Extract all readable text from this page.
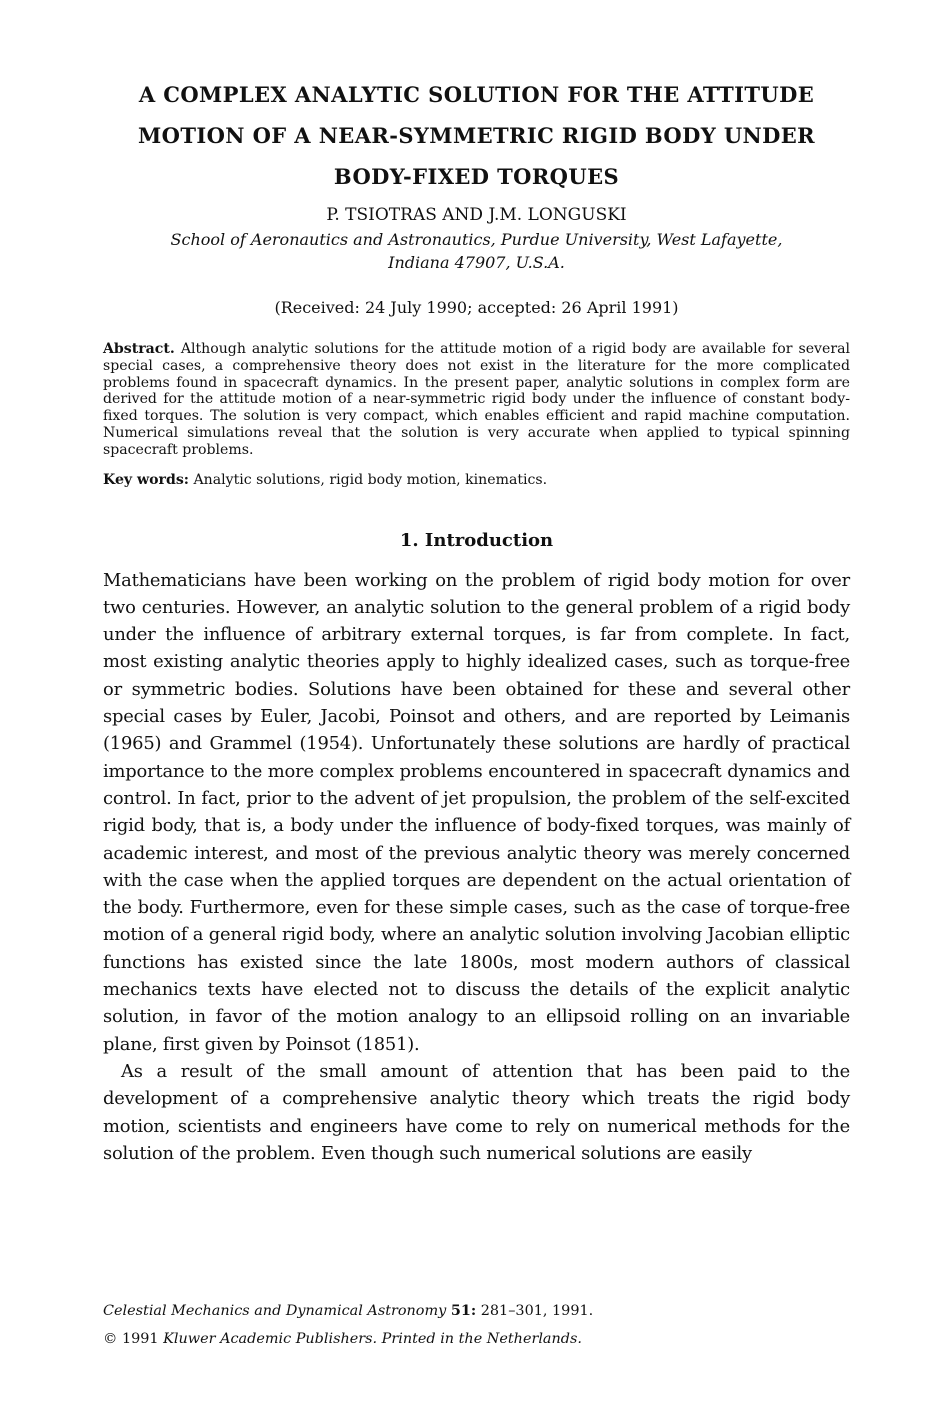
A COMPLEX ANALYTIC SOLUTION FOR THE ATTITUDE
MOTION OF A NEAR-SYMMETRIC RIGID BODY UNDER
BODY-FIXED TORQUES
P. TSIOTRAS AND J.M. LONGUSKI
School of Aeronautics and Astronautics, Purdue University, West Lafayette,
Indiana 47907, U.S.A.
(Received: 24 July 1990; accepted: 26 April 1991)
Abstract. Although analytic solutions for the attitude motion of a rigid body are available for several special cases, a comprehensive theory does not exist in the literature for the more complicated problems found in spacecraft dynamics. In the present paper, analytic solutions in complex form are derived for the attitude motion of a near-symmetric rigid body under the influence of constant body-fixed torques. The solution is very compact, which enables efficient and rapid machine computation. Numerical simulations reveal that the solution is very accurate when applied to typical spinning spacecraft problems.
Key words: Analytic solutions, rigid body motion, kinematics.
1. Introduction

Mathematicians have been working on the problem of rigid body motion for over two centuries. However, an analytic solution to the general problem of a rigid body under the influence of arbitrary external torques, is far from complete. In fact, most existing analytic theories apply to highly idealized cases, such as torque-free or symmetric bodies. Solutions have been obtained for these and several other special cases by Euler, Jacobi, Poinsot and others, and are reported by Leimanis (1965) and Grammel (1954). Unfortunately these solutions are hardly of practical importance to the more complex problems encountered in spacecraft dynamics and control. In fact, prior to the advent of jet propulsion, the problem of the self-excited rigid body, that is, a body under the influence of body-fixed torques, was mainly of academic interest, and most of the previous analytic theory was merely concerned with the case when the applied torques are dependent on the actual orientation of the body. Furthermore, even for these simple cases, such as the case of torque-free motion of a general rigid body, where an analytic solution involving Jacobian elliptic functions has existed since the late 1800s, most modern authors of classical mechanics texts have elected not to discuss the details of the explicit analytic solution, in favor of the motion analogy to an ellipsoid rolling on an invariable plane, first given by Poinsot (1851).

As a result of the small amount of attention that has been paid to the development of a comprehensive analytic theory which treats the rigid body motion, scientists and engineers have come to rely on numerical methods for the solution of the problem. Even though such numerical solutions are easily

Celestial Mechanics and Dynamical Astronomy 51: 281–301, 1991.
© 1991 Kluwer Academic Publishers. Printed in the Netherlands.
